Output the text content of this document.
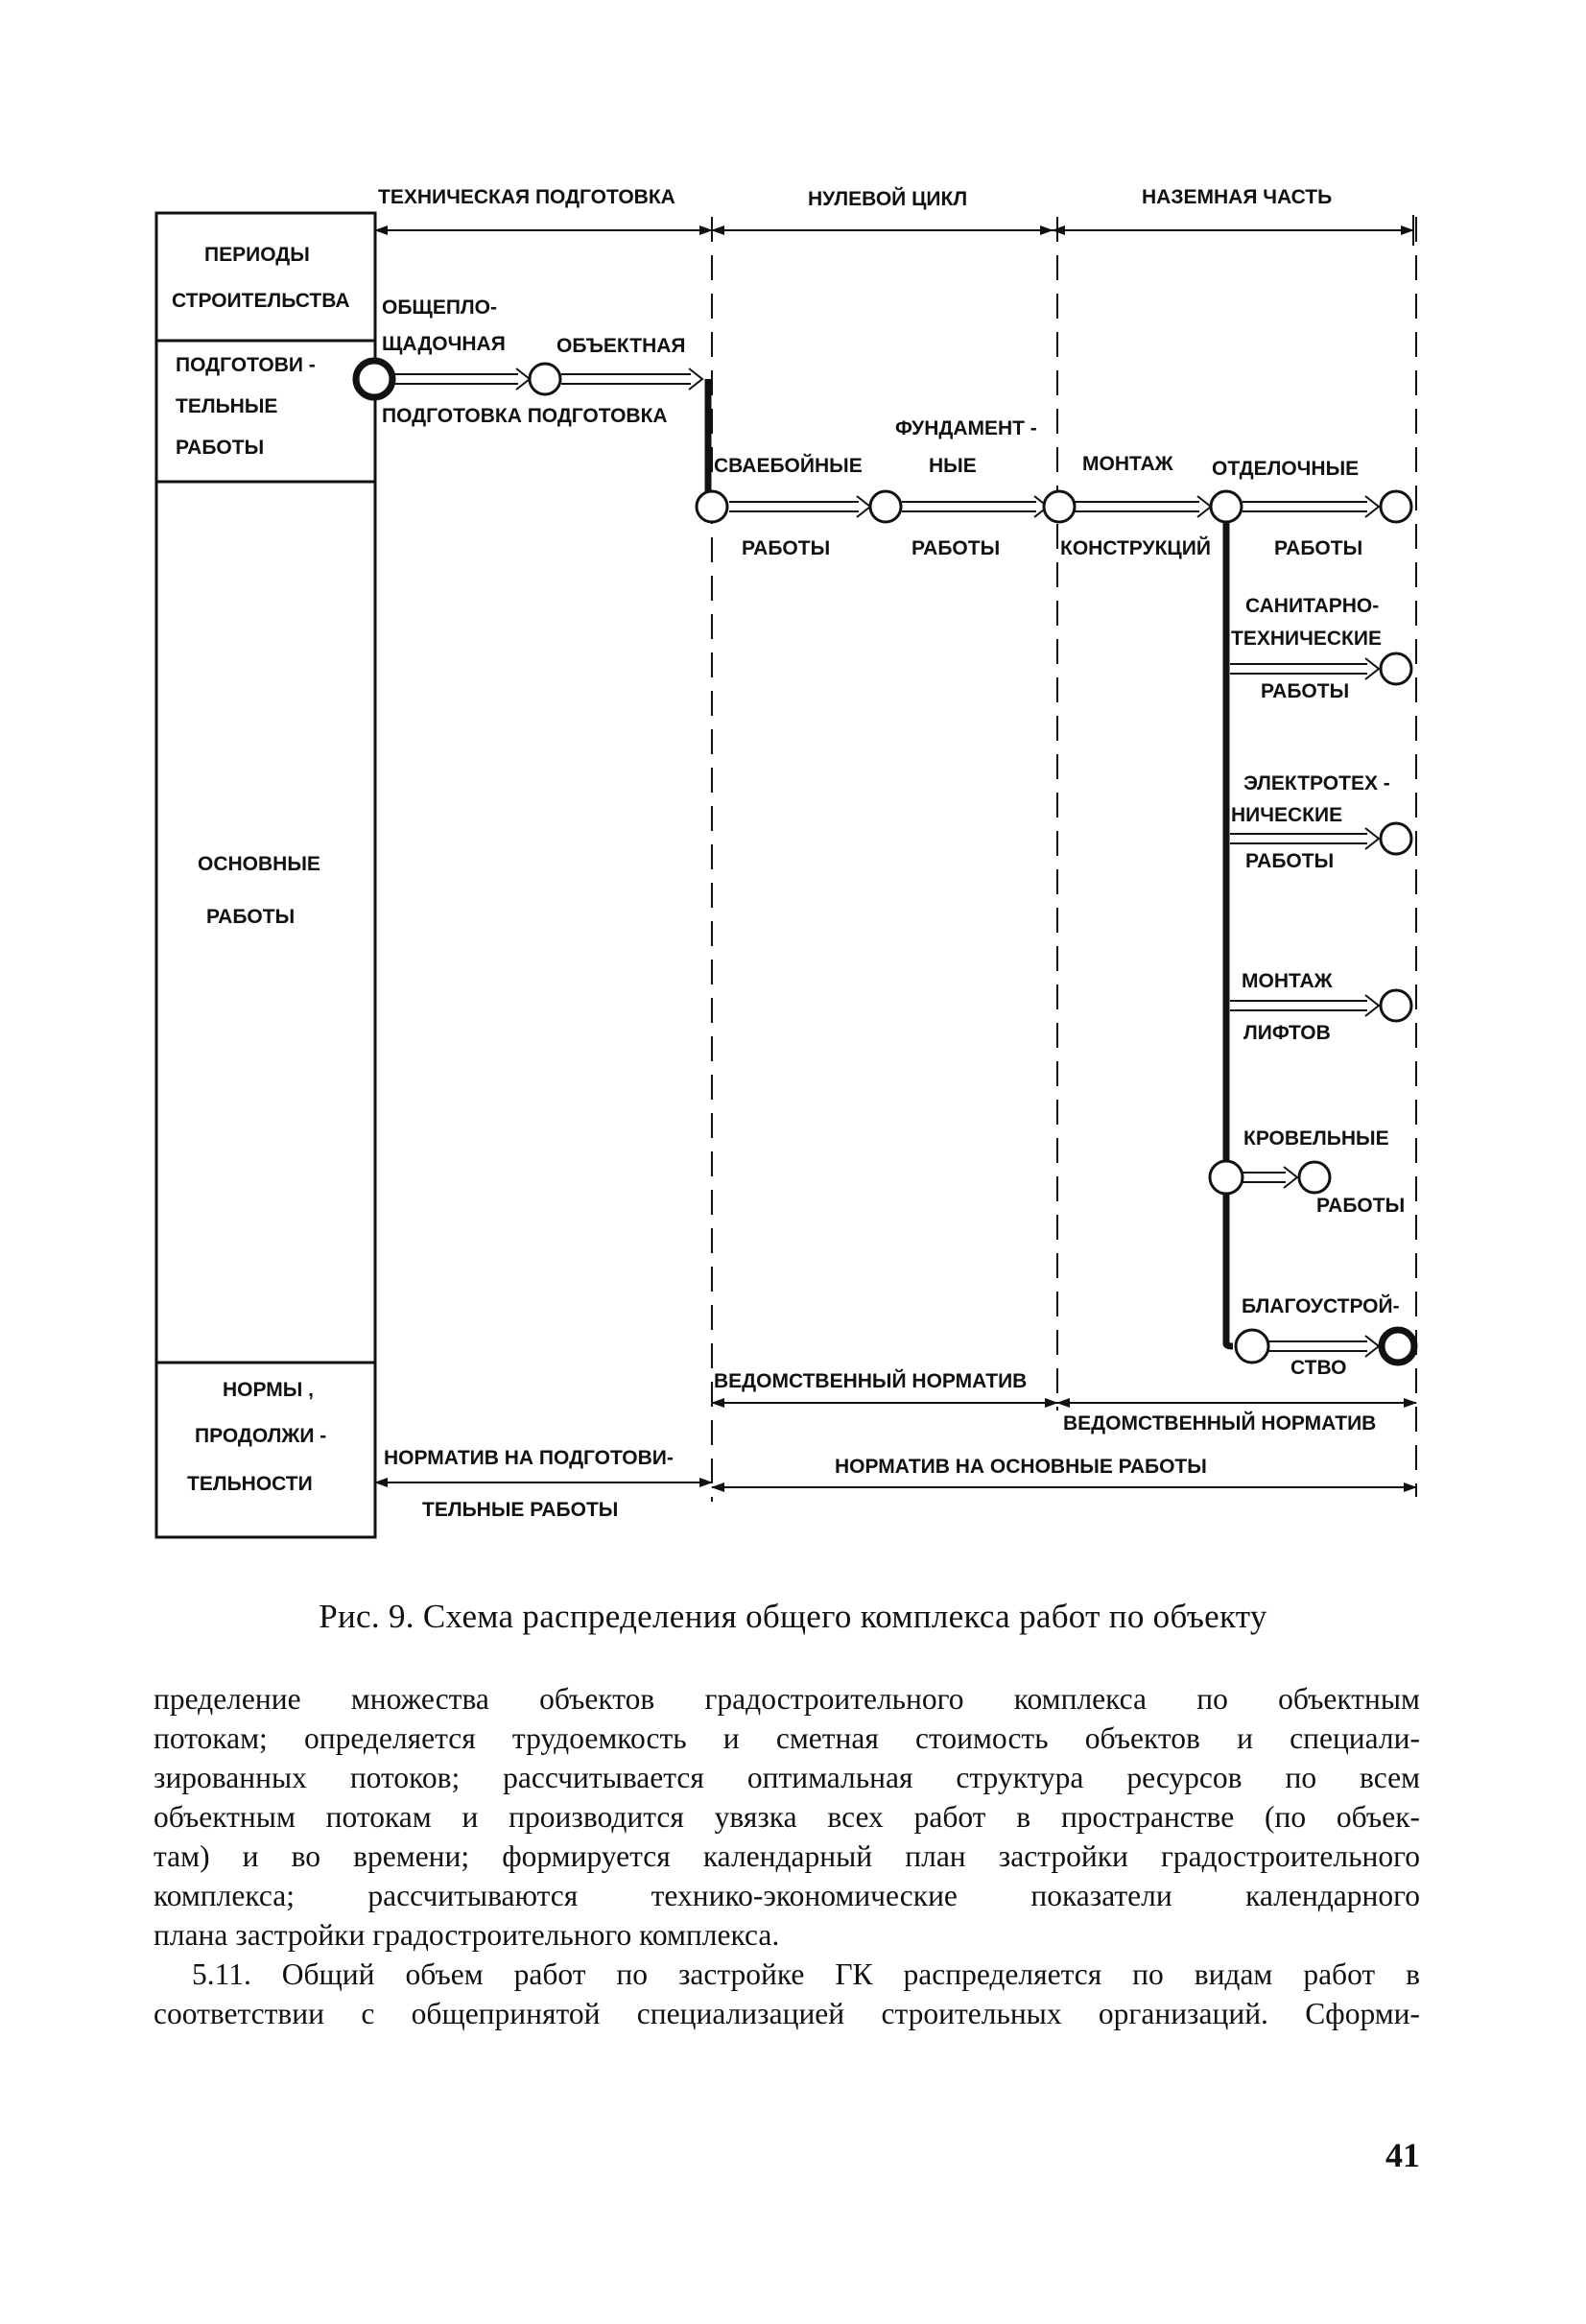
ПЕРИОДЫ
СТРОИТЕЛЬСТВА
ПОДГОТОВИ -
ТЕЛЬНЫЕ
РАБОТЫ
ОСНОВНЫЕ
РАБОТЫ
НОРМЫ ,
ПРОДОЛЖИ -
ТЕЛЬНОСТИ
ТЕХНИЧЕСКАЯ ПОДГОТОВКА	НУЛЕВОЙ ЦИКЛ	НАЗЕМНАЯ ЧАСТЬ
ОБЩЕПЛО-
ЩАДОЧНАЯ	ОБЪЕКТНАЯ
ПОДГОТОВКА ПОДГОТОВКА
СВАЕБОЙНЫЕ
ФУНДАМЕНТ -
НЫЕ	МОНТАЖ ОТДЕЛОЧНЫЕ
РАБОТЫ	РАБОТЫ	КОНСТРУКЦИЙ	РАБОТЫ
САНИТАРНО-
ТЕХНИЧЕСКИЕ
РАБОТЫ
ЭЛЕКТРОТЕХ -
НИЧЕСКИЕ
РАБОТЫ
МОНТАЖ
ЛИФТОВ
КРОВЕЛЬНЫЕ
РАБОТЫ
БЛАГОУСТРОЙ-
СТВО
ВЕДОМСТВЕННЫЙ НОРМАТИВ
ВЕДОМСТВЕННЫЙ НОРМАТИВ
НОРМАТИВ НА ПОДГОТОВИ-
ТЕЛЬНЫЕ РАБОТЫ
НОРМАТИВ НА ОСНОВНЫЕ РАБОТЫ
Рис. 9. Схема распределения общего комплекса работ по объекту

пределение множества объектов градостроительного комплекса по объектным

потокам; определяется трудоемкость и сметная стоимость объектов и специали-

зированных потоков; рассчитывается оптимальная структура ресурсов по всем

объектным потокам и производится увязка всех работ в пространстве (по объек-

там) и во времени; формируется календарный план застройки градостроительного

комплекса; рассчитываются технико-экономические показатели календарного

плана застройки градостроительного комплекса.

5.11. Общий объем работ по застройке ГК распределяется по видам работ в

соответствии с общепринятой специализацией строительных организаций. Сформи-

41
